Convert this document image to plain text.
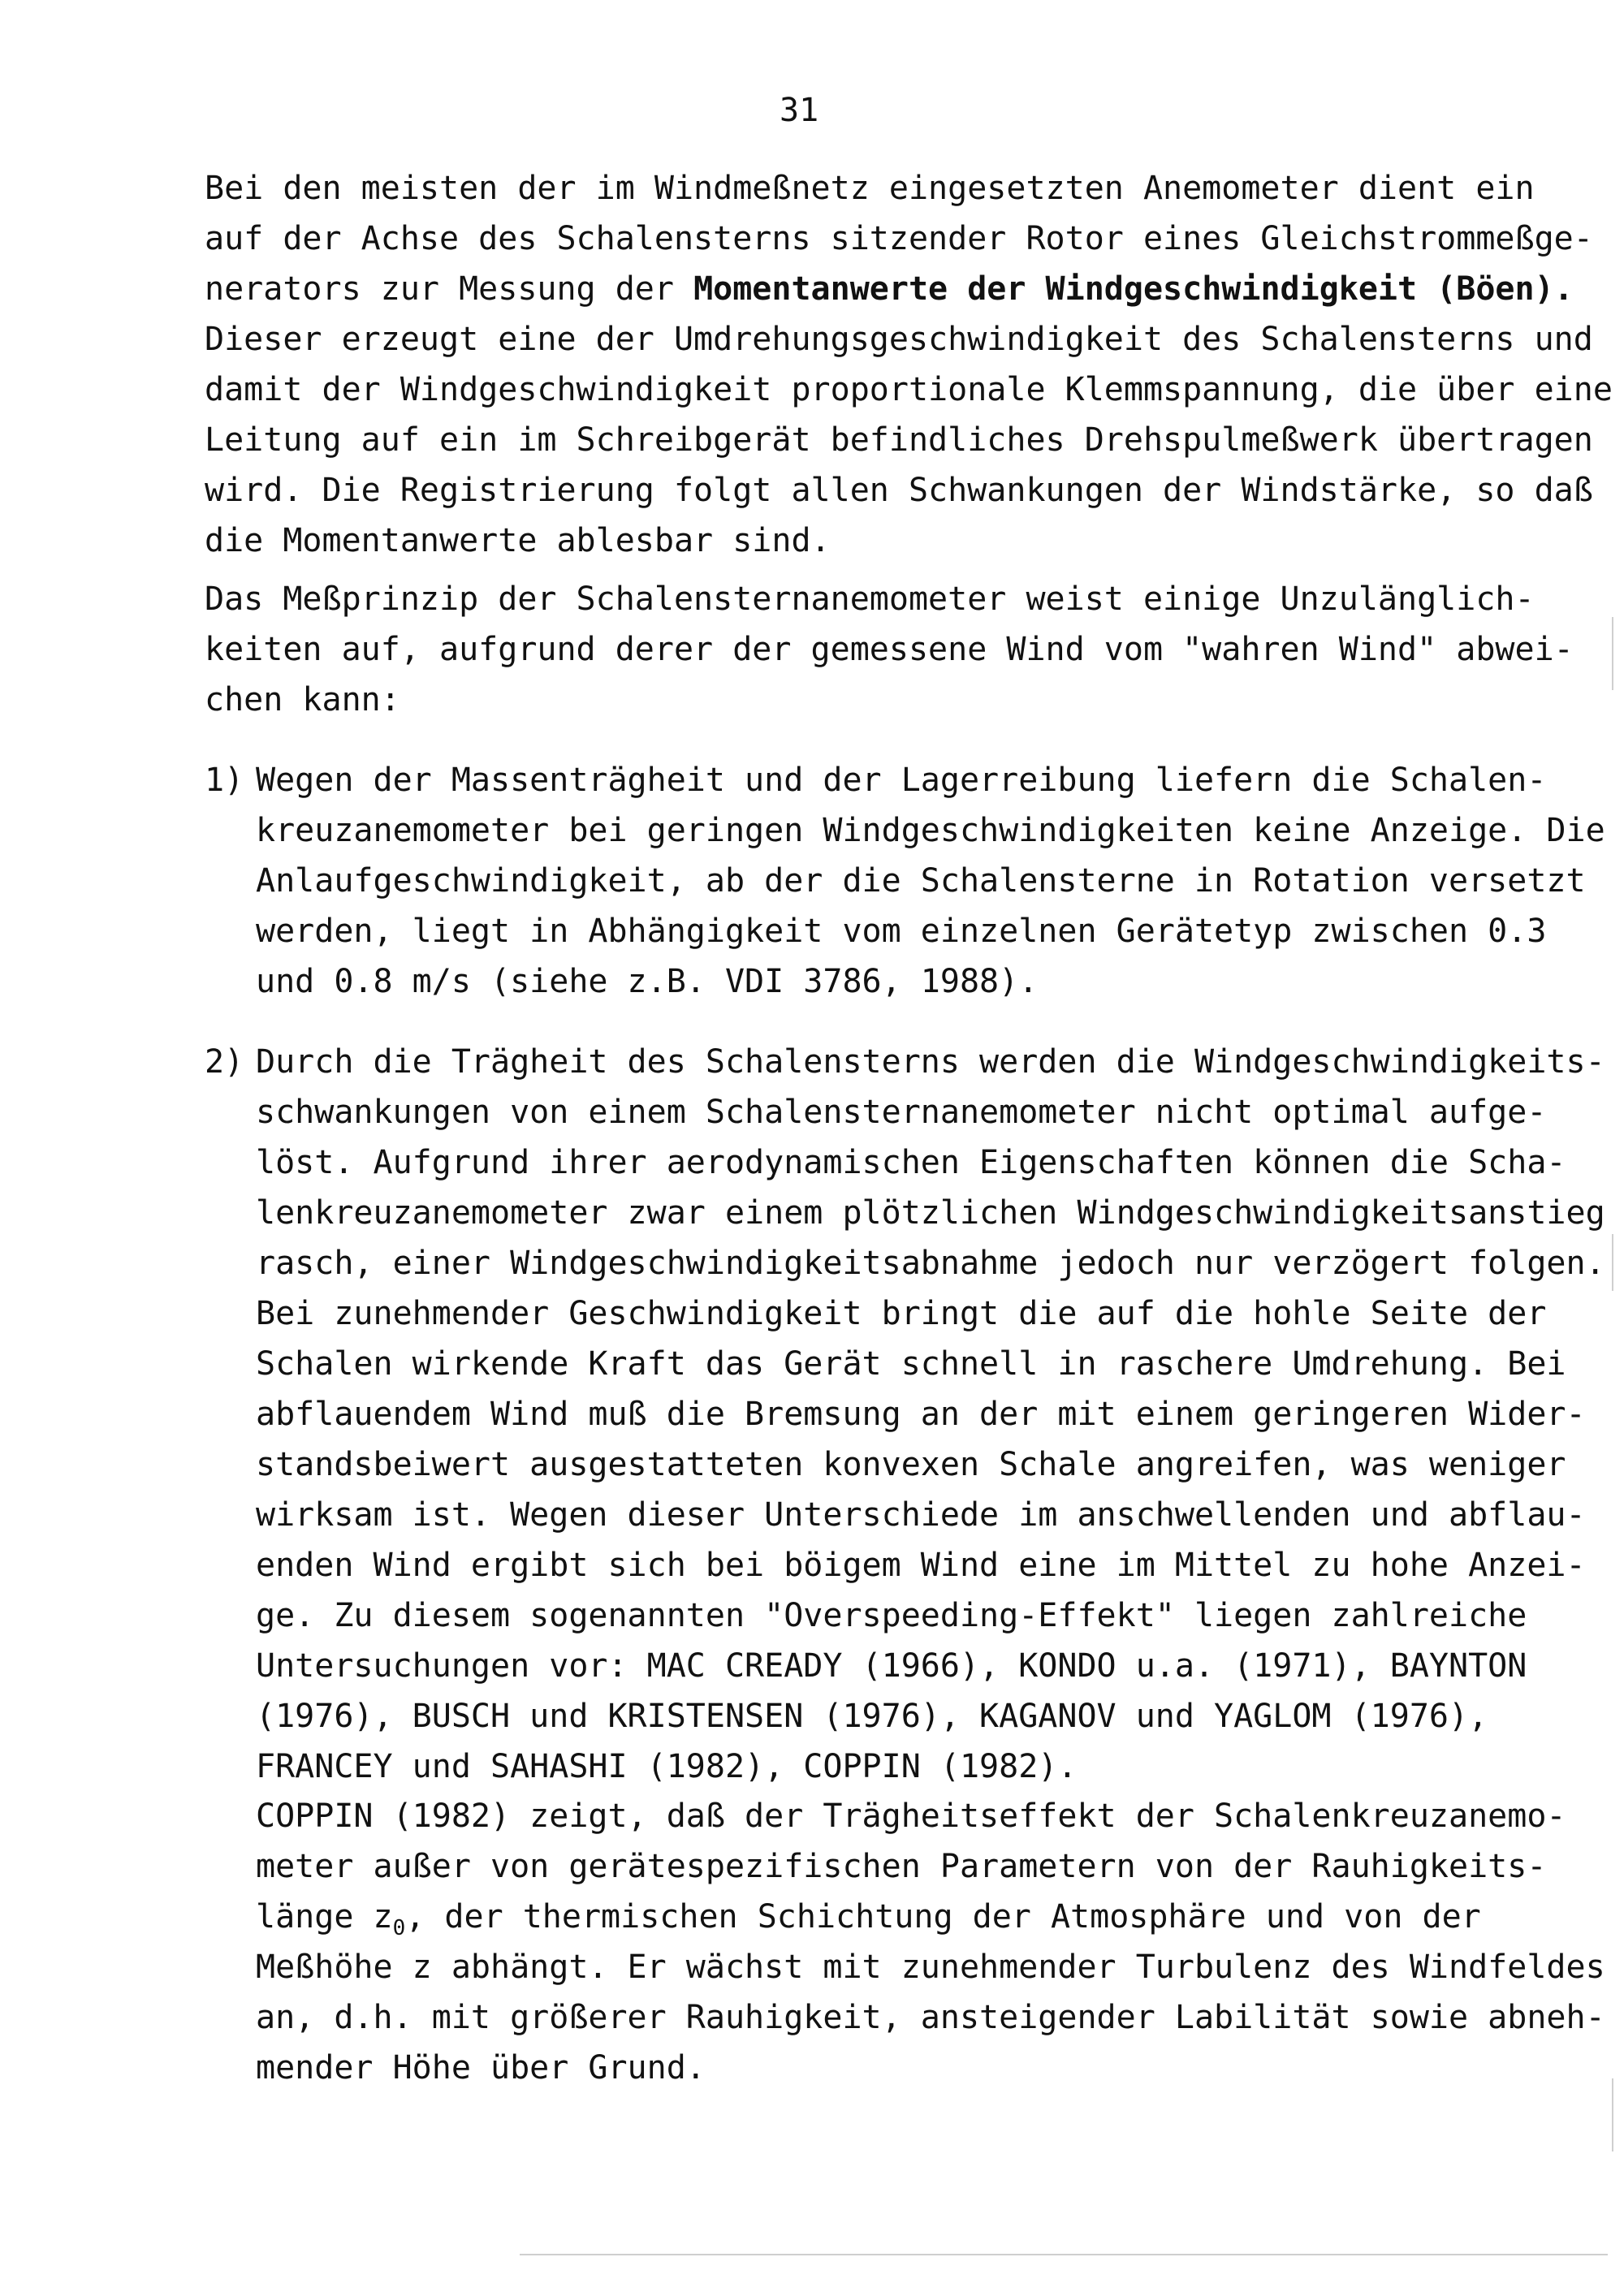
31
Bei den meisten der im Windmeßnetz eingesetzten Anemometer dient ein
auf der Achse des Schalensterns sitzender Rotor eines Gleichstrommeßge-
nerators zur Messung der Momentanwerte der Windgeschwindigkeit (Böen).
Dieser erzeugt eine der Umdrehungsgeschwindigkeit des Schalensterns und
damit der Windgeschwindigkeit proportionale Klemmspannung, die über eine
Leitung auf ein im Schreibgerät befindliches Drehspulmeßwerk übertragen
wird. Die Registrierung folgt allen Schwankungen der Windstärke, so daß
die Momentanwerte ablesbar sind.
Das Meßprinzip der Schalensternanemometer weist einige Unzulänglich-
keiten auf, aufgrund derer der gemessene Wind vom "wahren Wind" abwei-
chen kann:
1) Wegen der Massenträgheit und der Lagerreibung liefern die Schalen-
kreuzanemometer bei geringen Windgeschwindigkeiten keine Anzeige. Die
Anlaufgeschwindigkeit, ab der die Schalensterne in Rotation versetzt
werden, liegt in Abhängigkeit vom einzelnen Gerätetyp zwischen 0.3
und 0.8 m/s (siehe z.B. VDI 3786, 1988).
2) Durch die Trägheit des Schalensterns werden die Windgeschwindigkeits-
schwankungen von einem Schalensternanemometer nicht optimal aufge-
löst. Aufgrund ihrer aerodynamischen Eigenschaften können die Scha-
lenkreuzanemometer zwar einem plötzlichen Windgeschwindigkeitsanstieg
rasch, einer Windgeschwindigkeitsabnahme jedoch nur verzögert folgen.
Bei zunehmender Geschwindigkeit bringt die auf die hohle Seite der
Schalen wirkende Kraft das Gerät schnell in raschere Umdrehung. Bei
abflauendem Wind muß die Bremsung an der mit einem geringeren Wider-
standsbeiwert ausgestatteten konvexen Schale angreifen, was weniger
wirksam ist. Wegen dieser Unterschiede im anschwellenden und abflau-
enden Wind ergibt sich bei böigem Wind eine im Mittel zu hohe Anzei-
ge. Zu diesem sogenannten "Overspeeding-Effekt" liegen zahlreiche
Untersuchungen vor: MAC CREADY (1966), KONDO u.a. (1971), BAYNTON
(1976), BUSCH und KRISTENSEN (1976), KAGANOV und YAGLOM (1976),
FRANCEY und SAHASHI (1982), COPPIN (1982).
COPPIN (1982) zeigt, daß der Trägheitseffekt der Schalenkreuzanemo-
meter außer von gerätespezifischen Parametern von der Rauhigkeits-
länge $z_0$, der thermischen Schichtung der Atmosphäre und von der
Meßhöhe z abhängt. Er wächst mit zunehmender Turbulenz des Windfeldes
an, d.h. mit größerer Rauhigkeit, ansteigender Labilität sowie abneh-
mender Höhe über Grund.
